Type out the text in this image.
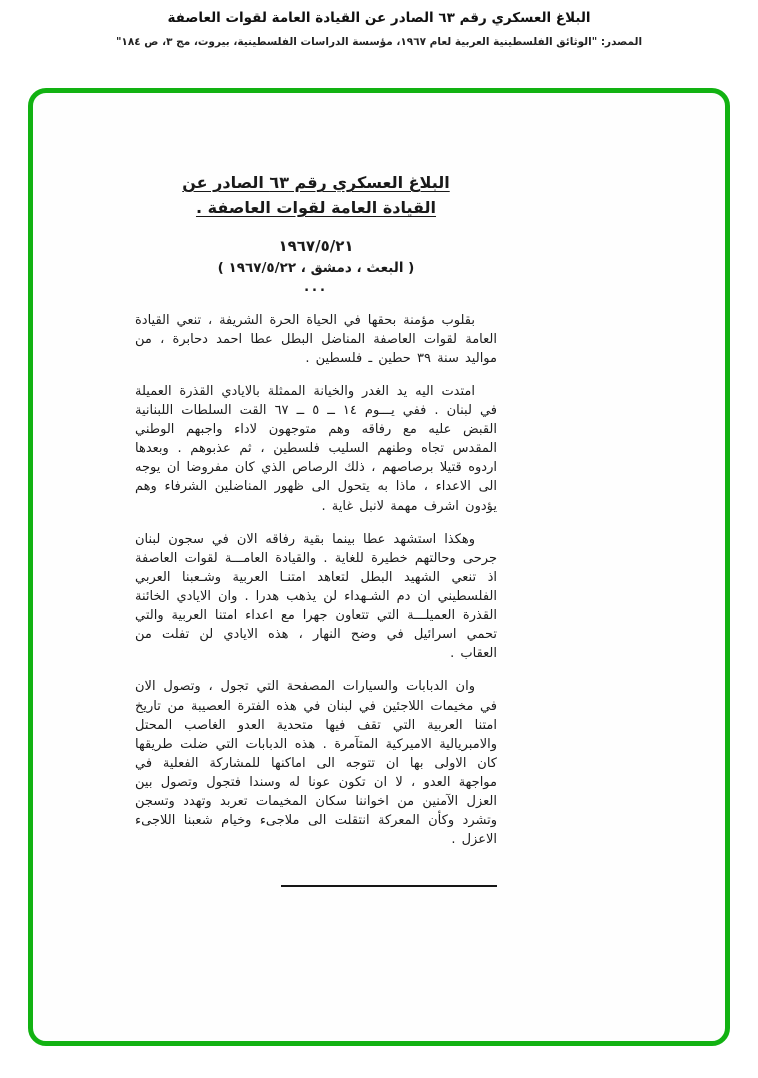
البلاغ العسكري رقم ٦٣ الصادر عن القيادة العامة لقوات العاصفة
المصدر: "الوثائق الفلسطينية العربية لعام ١٩٦٧، مؤسسة الدراسات الفلسطينية، بيروت، مج ٣، ص ١٨٤"
البلاغ العسكري رقم ٦٣ الصادر عن
القيادة العامة لقوات العاصفة .
١٩٦٧/٥/٢١
( البعث ، دمشق ، ١٩٦٧/٥/٢٢ )
...

بقلوب مؤمنة بحقها في الحياة الحرة الشريفة ، تنعي القيادة العامة لقوات العاصفة المناضل البطل عطا احمد دحابرة ، من مواليد سنة ٣٩ حطين ـ فلسطين .

امتدت اليه يد الغدر والخيانة الممثلة بالايادي القذرة العميلة في لبنان . ففي يـــوم ١٤ ــ ٥ ــ ٦٧ القت السلطات اللبنانية القبض عليه مع رفاقه وهم متوجهون لاداء واجبهم الوطني المقدس تجاه وطنهم السليب فلسطين ، ثم عذبوهم . وبعدها اردوه قتيلا برصاصهم ، ذلك الرصاص الذي كان مفروضا ان يوجه الى الاعداء ، ماذا به يتحول الى ظهور المناضلين الشرفاء وهم يؤدون اشرف مهمة لانبل غاية .

وهكذا استشهد عطا بينما بقية رفاقه الان في سجون لبنان جرحى وحالتهم خطيرة للغاية . والقيادة العامـــة لقوات العاصفة اذ تنعي الشهيد البطل لتعاهد امتنـا العربية وشـعبنا العربي الفلسطيني ان دم الشـهداء لن يذهب هدرا . وان الايادي الخائنة القذرة العميلـــة التي تتعاون جهرا مع اعداء امتنا العربية والتي تحمي اسرائيل في وضح النهار ، هذه الايادي لن تفلت من العقاب .

وان الدبابات والسيارات المصفحة التي تجول ، وتصول الان في مخيمات اللاجئين في لبنان في هذه الفترة العصيبة من تاريخ امتنا العربية التي تقف فيها متحدية العدو الغاصب المحتل والامبريالية الاميركية المتآمرة . هذه الدبابات التي ضلت طريقها كان الاولى بها ان تتوجه الى اماكنها للمشاركة الفعلية في مواجهة العدو ، لا ان تكون عونا له وسندا فتجول وتصول بين العزل الآمنين من اخواننا سكان المخيمات تعربد وتهدد وتسجن وتشرد وكأن المعركة انتقلت الى ملاجىء وخيام شعبنا اللاجىء الاعزل .
